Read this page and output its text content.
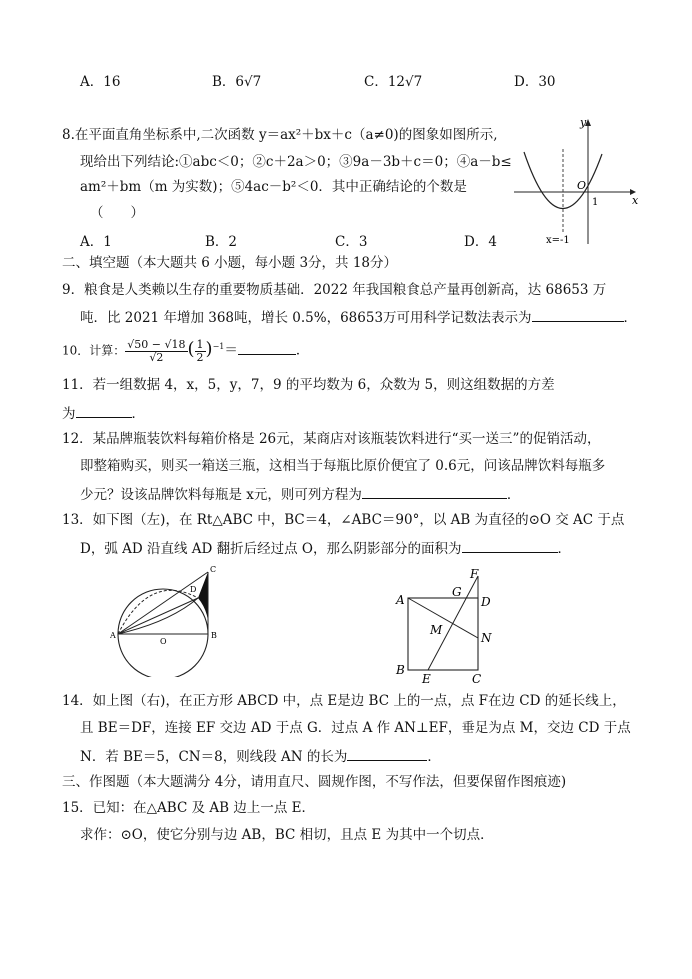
A．16	B．6√7	C．12√7	D．30
8.在平面直角坐标系中,二次函数 y＝ax²＋bx＋c（a≠0)的图象如图所示,
现给出下列结论:①abc＜0；②c＋2a＞0；③9a－3b＋c＝0；④a－b≤
am²＋bm（m 为实数)；⑤4ac－b²＜0．其中正确结论的个数是
（　　）
A．1	B．2	C．3	D．4
x
y
O
1
x=-1
二、填空题（本大题共 6 小题，每小题 3分，共 18分）
9．粮食是人类赖以生存的重要物质基础．2022 年我国粮食总产量再创新高，达 68653 万
吨．比 2021 年增加 368吨，增长 0.5%，68653万可用科学记数法表示为	．
10．计算： $\frac{√50 - √18}{√2}$ ( $\frac{1}{2} )^{-1}=$	．
11．若一组数据 4，x，5，y，7，9 的平均数为 6，众数为 5，则这组数据的方差
为	．
12．某品牌瓶装饮料每箱价格是 26元，某商店对该瓶装饮料进行“买一送三”的促销活动，
即整箱购买，则买一箱送三瓶，这相当于每瓶比原价便宜了 0.6元，问该品牌饮料每瓶多
少元？设该品牌饮料每瓶是 x元，则可列方程为	．
13．如下图（左)，在 Rt△ABC 中，BC＝4，∠ABC＝90°，以 AB 为直径的⊙O 交 AC 于点
D，弧 AD 沿直线 AD 翻折后经过点 O，那么阴影部分的面积为	．
A	B
C
D
O
A
B
C
D
E
F
G
M
N
14．如上图（右)，在正方形 ABCD 中，点 E是边 BC 上的一点，点 F在边 CD 的延长线上，
且 BE＝DF，连接 EF 交边 AD 于点 G．过点 A 作 AN⊥EF，垂足为点 M，交边 CD 于点
N．若 BE＝5，CN＝8，则线段 AN 的长为	．
三、作图题（本大题满分 4分，请用直尺、圆规作图，不写作法，但要保留作图痕迹)
15．已知：在△ABC 及 AB 边上一点 E．
求作：⊙O，使它分别与边 AB，BC 相切，且点 E 为其中一个切点．
